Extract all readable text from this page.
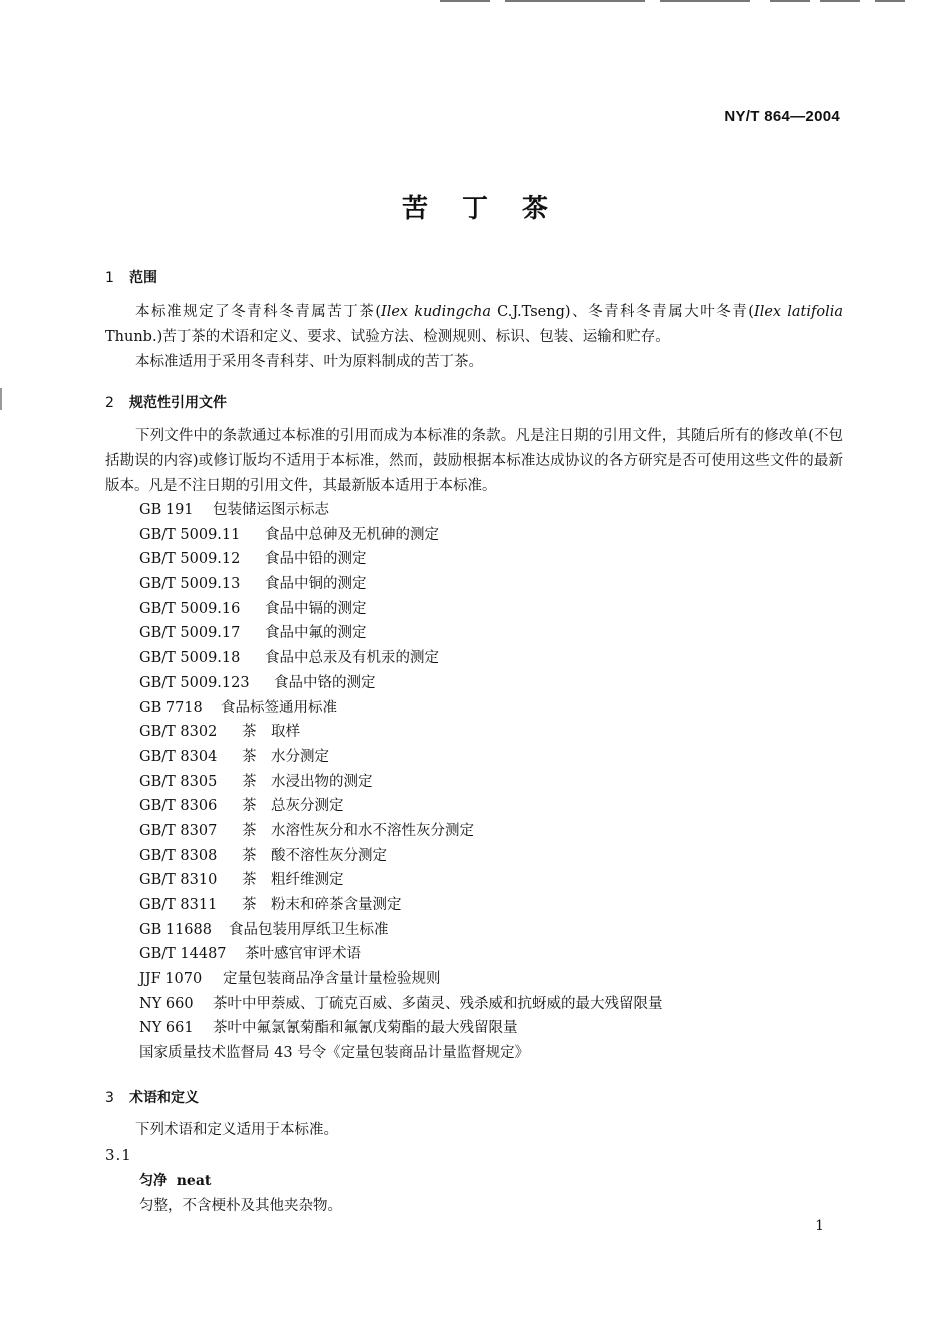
NY/T 864—2004
苦丁茶
1 范围
本标准规定了冬青科冬青属苦丁茶(Ilex kudingcha C.J.Tseng)、冬青科冬青属大叶冬青(Ilex latifolia Thunb.)苦丁茶的术语和定义、要求、试验方法、检测规则、标识、包装、运输和贮存。
本标准适用于采用冬青科芽、叶为原料制成的苦丁茶。
2 规范性引用文件
下列文件中的条款通过本标准的引用而成为本标准的条款。凡是注日期的引用文件，其随后所有的修改单(不包括勘误的内容)或修订版均不适用于本标准，然而，鼓励根据本标准达成协议的各方研究是否可使用这些文件的最新版本。凡是不注日期的引用文件，其最新版本适用于本标准。
GB 191 包装储运图示标志
GB/T 5009.11 食品中总砷及无机砷的测定
GB/T 5009.12 食品中铅的测定
GB/T 5009.13 食品中铜的测定
GB/T 5009.16 食品中镉的测定
GB/T 5009.17 食品中氟的测定
GB/T 5009.18 食品中总汞及有机汞的测定
GB/T 5009.123 食品中铬的测定
GB 7718 食品标签通用标准
GB/T 8302 茶　取样
GB/T 8304 茶　水分测定
GB/T 8305 茶　水浸出物的测定
GB/T 8306 茶　总灰分测定
GB/T 8307 茶　水溶性灰分和水不溶性灰分测定
GB/T 8308 茶　酸不溶性灰分测定
GB/T 8310 茶　粗纤维测定
GB/T 8311 茶　粉末和碎茶含量测定
GB 11688 食品包装用厚纸卫生标准
GB/T 14487 茶叶感官审评术语
JJF 1070 定量包装商品净含量计量检验规则
NY 660 茶叶中甲萘威、丁硫克百威、多菌灵、残杀威和抗蚜威的最大残留限量
NY 661 茶叶中氟氯氰菊酯和氟氰戊菊酯的最大残留限量
国家质量技术监督局 43 号令《定量包装商品计量监督规定》
3 术语和定义
下列术语和定义适用于本标准。
3.1
匀净 neat
匀整，不含梗朴及其他夹杂物。
1
